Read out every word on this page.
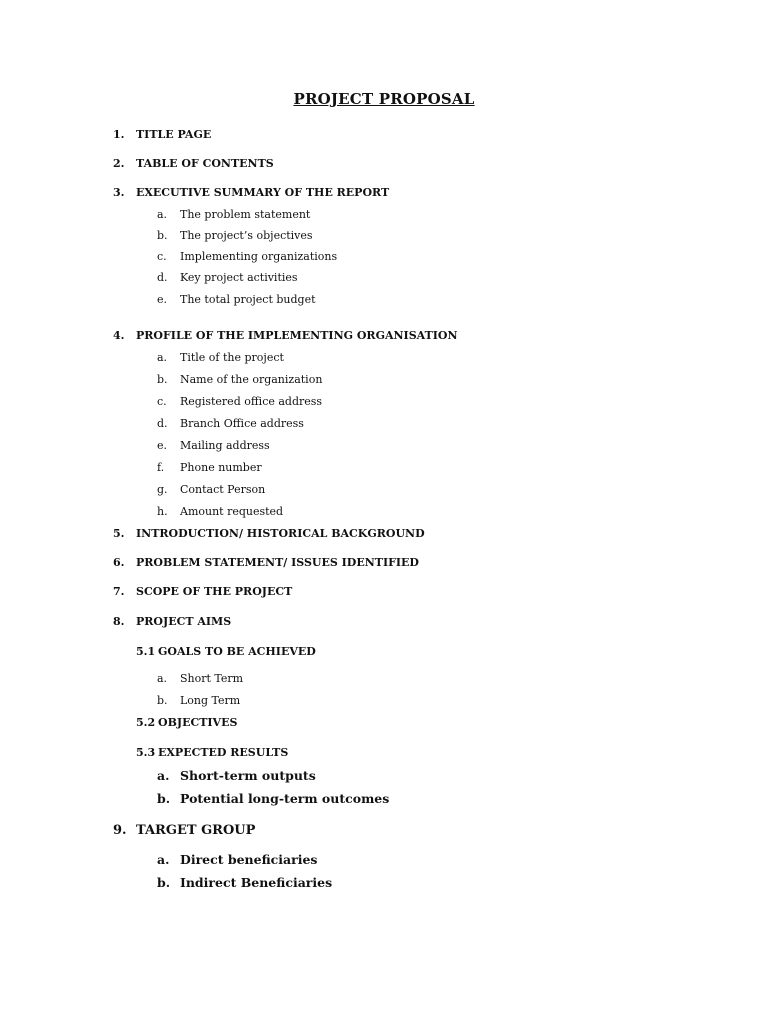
PROJECT PROPOSAL
1. TITLE PAGE
2. TABLE OF CONTENTS
3. EXECUTIVE SUMMARY OF THE REPORT
a. The problem statement
b. The project’s objectives
c. Implementing organizations
d. Key project activities
e. The total project budget
4. PROFILE OF THE IMPLEMENTING ORGANISATION
a. Title of the project
b. Name of the organization
c. Registered office address
d. Branch Office address
e. Mailing address
f. Phone number
g. Contact Person
h. Amount requested
5. INTRODUCTION/ HISTORICAL BACKGROUND
6. PROBLEM STATEMENT/ ISSUES IDENTIFIED
7. SCOPE OF THE PROJECT
8. PROJECT AIMS
5.1 GOALS TO BE ACHIEVED
a. Short Term
b. Long Term
5.2 OBJECTIVES
5.3 EXPECTED RESULTS
a. Short-term outputs
b. Potential long-term outcomes
9. TARGET GROUP
a. Direct beneficiaries
b. Indirect Beneficiaries
